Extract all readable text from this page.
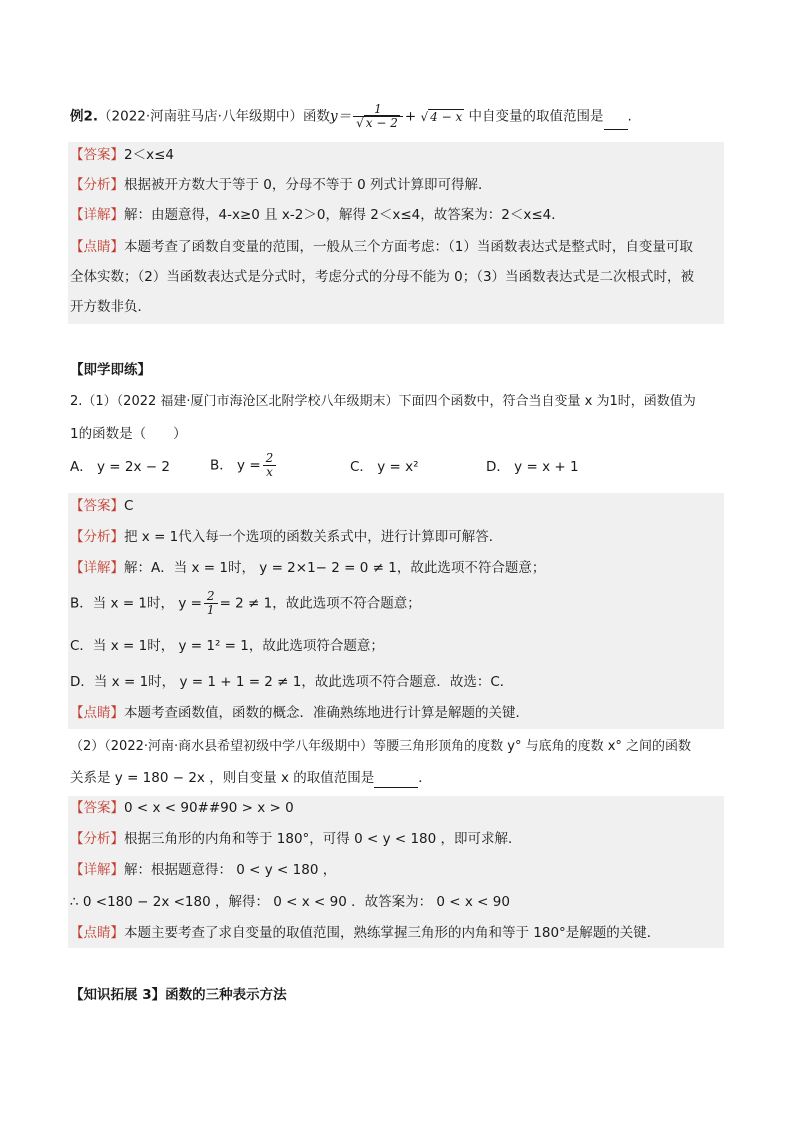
例2.（2022·河南驻马店·八年级期中）函数$y= \frac{1}{√ x - 2}$ + √ 4 − x 中自变量的取值范围是 .
【答案】2＜x≤4
【分析】根据被开方数大于等于 0，分母不等于 0 列式计算即可得解．
【详解】解：由题意得，4-x≥0 且 x-2＞0，解得 2＜x≤4，故答案为：2＜x≤4．
【点睛】本题考查了函数自变量的范围，一般从三个方面考虑：（1）当函数表达式是整式时，自变量可取
全体实数；（2）当函数表达式是分式时，考虑分式的分母不能为 0；（3）当函数表达式是二次根式时，被
开方数非负．
【即学即练】
2.（1）（2022 福建·厦门市海沧区北附学校八年级期末）下面四个函数中，符合当自变量 x 为1时，函数值为
1的函数是（　　）
A． y = 2x − 2	B． $y = \frac{2}{x}$	C． y = x²	D． y = x + 1
【答案】C
【分析】把 x = 1代入每一个选项的函数关系式中，进行计算即可解答．
【详解】解：A．当 x = 1时， y = 2×1− 2 = 0 ≠ 1，故此选项不符合题意；
B．当 x = 1时， $y = \frac{2}{1} = 2 \ne 1$，故此选项不符合题意；
C．当 x = 1时， y = 1² = 1，故此选项符合题意；
D．当 x = 1时， y = 1 + 1 = 2 ≠ 1，故此选项不符合题意．故选：C．
【点睛】本题考查函数值，函数的概念．准确熟练地进行计算是解题的关键．
（2）（2022·河南·商水县希望初级中学八年级期中）等腰三角形顶角的度数 y° 与底角的度数 x° 之间的函数
关系是 y = 180 − 2x ，则自变量 x 的取值范围是	．
【答案】0 < x < 90##90 > x > 0
【分析】根据三角形的内角和等于 180°，可得 0 < y < 180 ，即可求解．
【详解】解：根据题意得： 0 < y < 180 ，
∴ 0 <180 − 2x <180 ，解得： 0 < x < 90 ．故答案为： 0 < x < 90
【点睛】本题主要考查了求自变量的取值范围，熟练掌握三角形的内角和等于 180°是解题的关键．
【知识拓展 3】函数的三种表示方法
